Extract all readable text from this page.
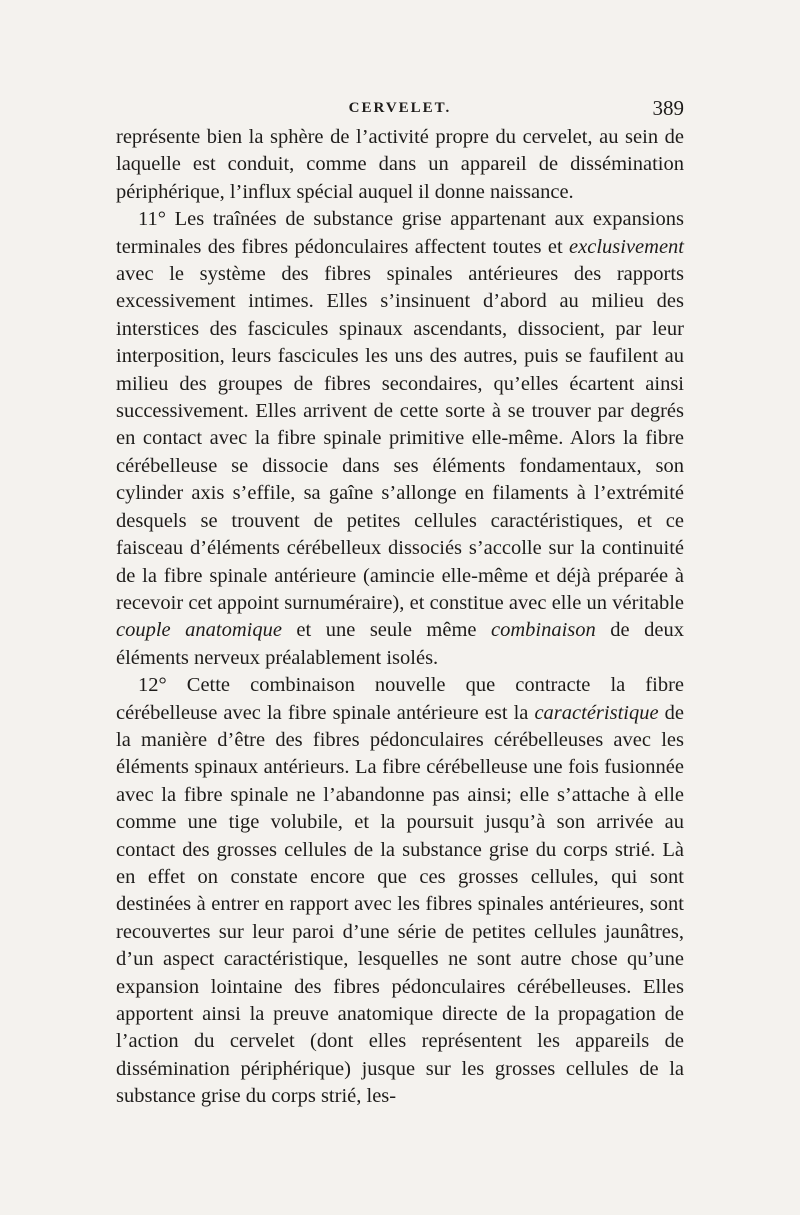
CERVELET.	389

représente bien la sphère de l’activité propre du cervelet, au sein de laquelle est conduit, comme dans un appareil de dissémination périphérique, l’influx spécial auquel il donne naissance.

11° Les traînées de substance grise appartenant aux expansions terminales des fibres pédonculaires affectent toutes et exclusivement avec le système des fibres spinales antérieures des rapports excessivement intimes. Elles s’insinuent d’abord au milieu des interstices des fascicules spinaux ascendants, dissocient, par leur interposition, leurs fascicules les uns des autres, puis se faufilent au milieu des groupes de fibres secondaires, qu’elles écartent ainsi successivement. Elles arrivent de cette sorte à se trouver par degrés en contact avec la fibre spinale primitive elle-même. Alors la fibre cérébelleuse se dissocie dans ses éléments fondamentaux, son cylinder axis s’effile, sa gaîne s’allonge en filaments à l’extrémité desquels se trouvent de petites cellules caractéristiques, et ce faisceau d’éléments cérébelleux dissociés s’accolle sur la continuité de la fibre spinale antérieure (amincie elle-même et déjà préparée à recevoir cet appoint surnuméraire), et constitue avec elle un véritable couple anatomique et une seule même combinaison de deux éléments nerveux préalablement isolés.

12° Cette combinaison nouvelle que contracte la fibre cérébelleuse avec la fibre spinale antérieure est la caractéristique de la manière d’être des fibres pédonculaires cérébelleuses avec les éléments spinaux antérieurs. La fibre cérébelleuse une fois fusionnée avec la fibre spinale ne l’abandonne pas ainsi; elle s’attache à elle comme une tige volubile, et la poursuit jusqu’à son arrivée au contact des grosses cellules de la substance grise du corps strié. Là en effet on constate encore que ces grosses cellules, qui sont destinées à entrer en rapport avec les fibres spinales antérieures, sont recouvertes sur leur paroi d’une série de petites cellules jaunâtres, d’un aspect caractéristique, lesquelles ne sont autre chose qu’une expansion lointaine des fibres pédonculaires cérébelleuses. Elles apportent ainsi la preuve anatomique directe de la propagation de l’action du cervelet (dont elles représentent les appareils de dissémination périphérique) jusque sur les grosses cellules de la substance grise du corps strié, les-
